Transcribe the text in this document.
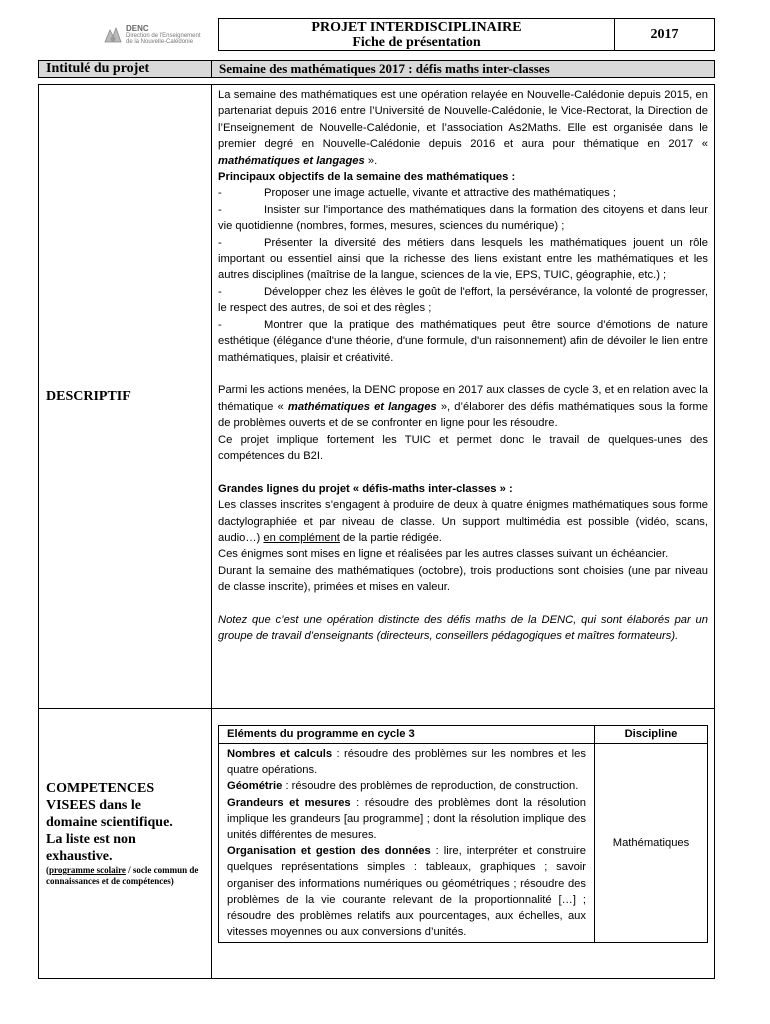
DENC
Direction de l'Enseignement
de la Nouvelle-Calédonie
PROJET INTERDISCIPLINAIRE
Fiche de présentation
2017
Intitulé du projet	Semaine des mathématiques 2017 : défis maths inter-classes
DESCRIPTIF

La semaine des mathématiques est une opération relayée en Nouvelle-Calédonie depuis 2015, en partenariat depuis 2016 entre l’Université de Nouvelle-Calédonie, le Vice-Rectorat, la Direction de l’Enseignement de Nouvelle-Calédonie, et l’association As2Maths. Elle est organisée dans le premier degré en Nouvelle-Calédonie depuis 2016 et aura pour thématique en 2017 « mathématiques et langages ».

Principaux objectifs de la semaine des mathématiques :

-	Proposer une image actuelle, vivante et attractive des mathématiques ;
-	Insister sur l'importance des mathématiques dans la formation des citoyens et dans leur vie quotidienne (nombres, formes, mesures, sciences du numérique) ;
-	Présenter la diversité des métiers dans lesquels les mathématiques jouent un rôle important ou essentiel ainsi que la richesse des liens existant entre les mathématiques et les autres disciplines (maîtrise de la langue, sciences de la vie, EPS, TUIC, géographie, etc.) ;
-	Développer chez les élèves le goût de l'effort, la persévérance, la volonté de progresser, le respect des autres, de soi et des règles ;
-	Montrer que la pratique des mathématiques peut être source d’émotions de nature esthétique (élégance d'une théorie, d'une formule, d'un raisonnement) afin de dévoiler le lien entre mathématiques, plaisir et créativité.

Parmi les actions menées, la DENC propose en 2017 aux classes de cycle 3, et en relation avec la thématique « mathématiques et langages », d’élaborer des défis mathématiques sous la forme de problèmes ouverts et de se confronter en ligne pour les résoudre.

Ce projet implique fortement les TUIC et permet donc le travail de quelques-unes des compétences du B2I.

Grandes lignes du projet « défis-maths inter-classes » :

Les classes inscrites s’engagent à produire de deux à quatre énigmes mathématiques sous forme dactylographiée et par niveau de classe. Un support multimédia est possible (vidéo, scans, audio…) en complément de la partie rédigée.

Ces énigmes sont mises en ligne et réalisées par les autres classes suivant un échéancier.

Durant la semaine des mathématiques (octobre), trois productions sont choisies (une par niveau de classe inscrite), primées et mises en valeur.

Notez que c’est une opération distincte des défis maths de la DENC, qui sont élaborés par un groupe de travail d’enseignants (directeurs, conseillers pédagogiques et maîtres formateurs).

COMPETENCES
VISEES dans le
domaine scientifique.
La liste est non
exhaustive.
(programme scolaire / socle commun de connaissances et de compétences)
Eléments du programme en cycle 3	Discipline

Nombres et calculs : résoudre des problèmes sur les nombres et les quatre opérations.

Géométrie : résoudre des problèmes de reproduction, de construction.

Grandeurs et mesures : résoudre des problèmes dont la résolution implique les grandeurs [au programme] ; dont la résolution implique des unités différentes de mesures.

Organisation et gestion des données : lire, interpréter et construire quelques représentations simples : tableaux, graphiques ; savoir organiser des informations numériques ou géométriques ; résoudre des problèmes de la vie courante relevant de la proportionnalité […] ; résoudre des problèmes relatifs aux pourcentages, aux échelles, aux vitesses moyennes ou aux conversions d’unités.

Mathématiques
